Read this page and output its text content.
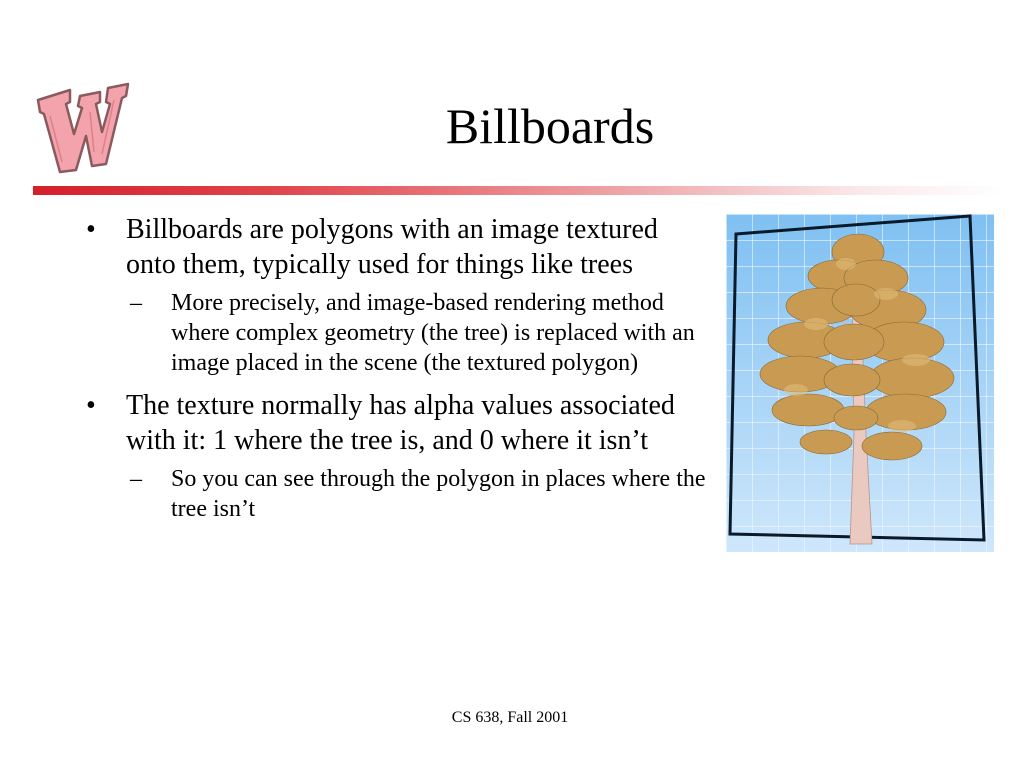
Billboards
•	Billboards are polygons with an image textured onto them, typically used for things like trees
–	More precisely, and image-based rendering method where complex geometry (the tree) is replaced with an image placed in the scene (the textured polygon)
•	The texture normally has alpha values associated with it: 1 where the tree is, and 0 where it isn’t
–	So you can see through the polygon in places where the tree isn’t
CS 638, Fall 2001
